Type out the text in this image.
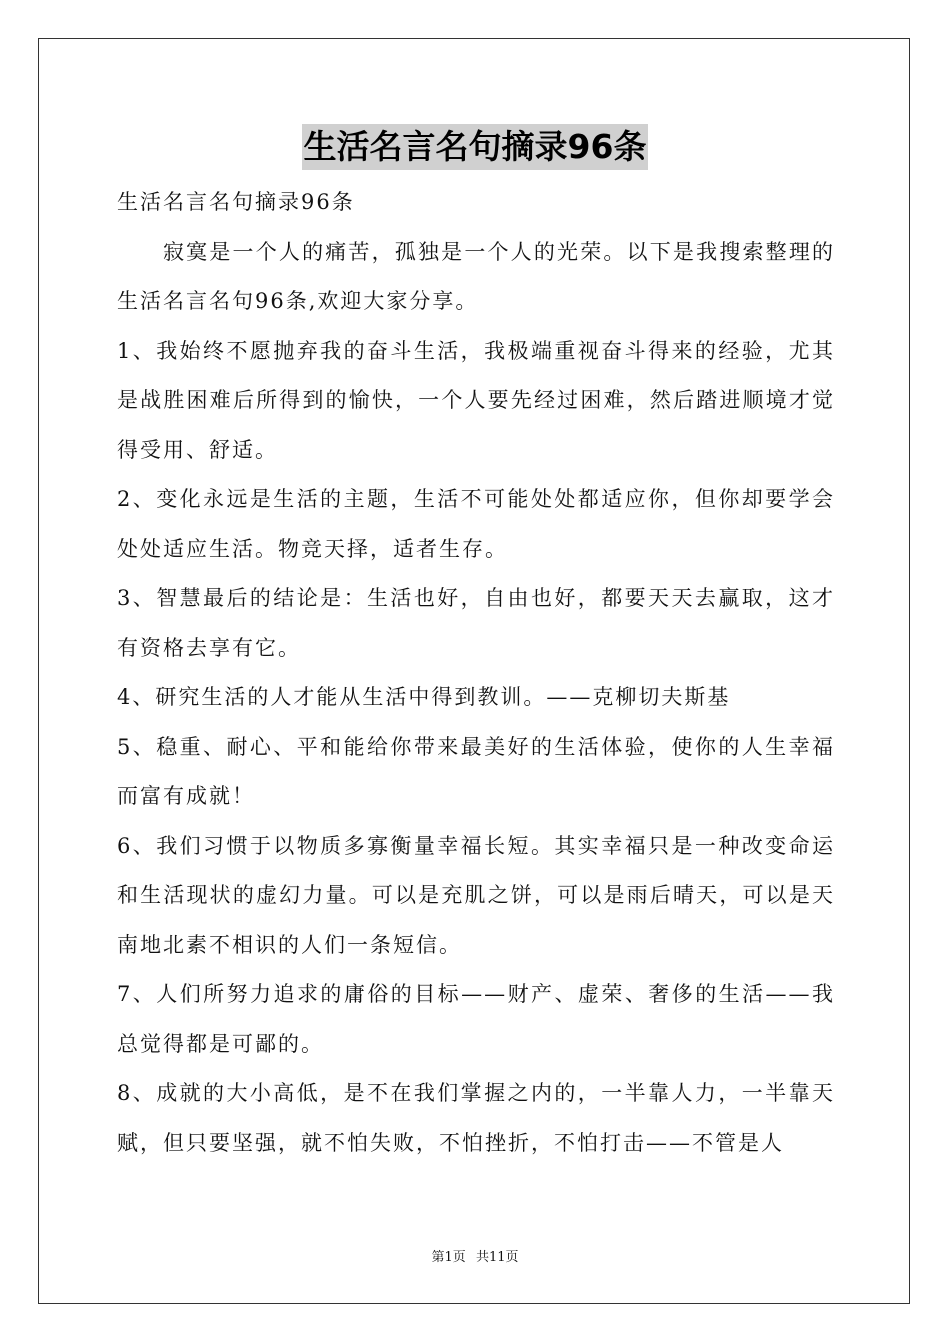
生活名言名句摘录96条

生活名言名句摘录96条

寂寞是一个人的痛苦，孤独是一个人的光荣。以下是我搜索整理的生活名言名句96条,欢迎大家分享。

1、我始终不愿抛弃我的奋斗生活，我极端重视奋斗得来的经验，尤其是战胜困难后所得到的愉快，一个人要先经过困难，然后踏进顺境才觉得受用、舒适。

2、变化永远是生活的主题，生活不可能处处都适应你，但你却要学会处处适应生活。物竞天择，适者生存。

3、智慧最后的结论是：生活也好，自由也好，都要天天去赢取，这才有资格去享有它。

4、研究生活的人才能从生活中得到教训。——克柳切夫斯基

5、稳重、耐心、平和能给你带来最美好的生活体验，使你的人生幸福而富有成就！

6、我们习惯于以物质多寡衡量幸福长短。其实幸福只是一种改变命运和生活现状的虚幻力量。可以是充肌之饼，可以是雨后晴天，可以是天南地北素不相识的人们一条短信。

7、人们所努力追求的庸俗的目标——财产、虚荣、奢侈的生活——我总觉得都是可鄙的。

8、成就的大小高低，是不在我们掌握之内的，一半靠人力，一半靠天赋，但只要坚强，就不怕失败，不怕挫折，不怕打击——不管是人

第1页 共11页
